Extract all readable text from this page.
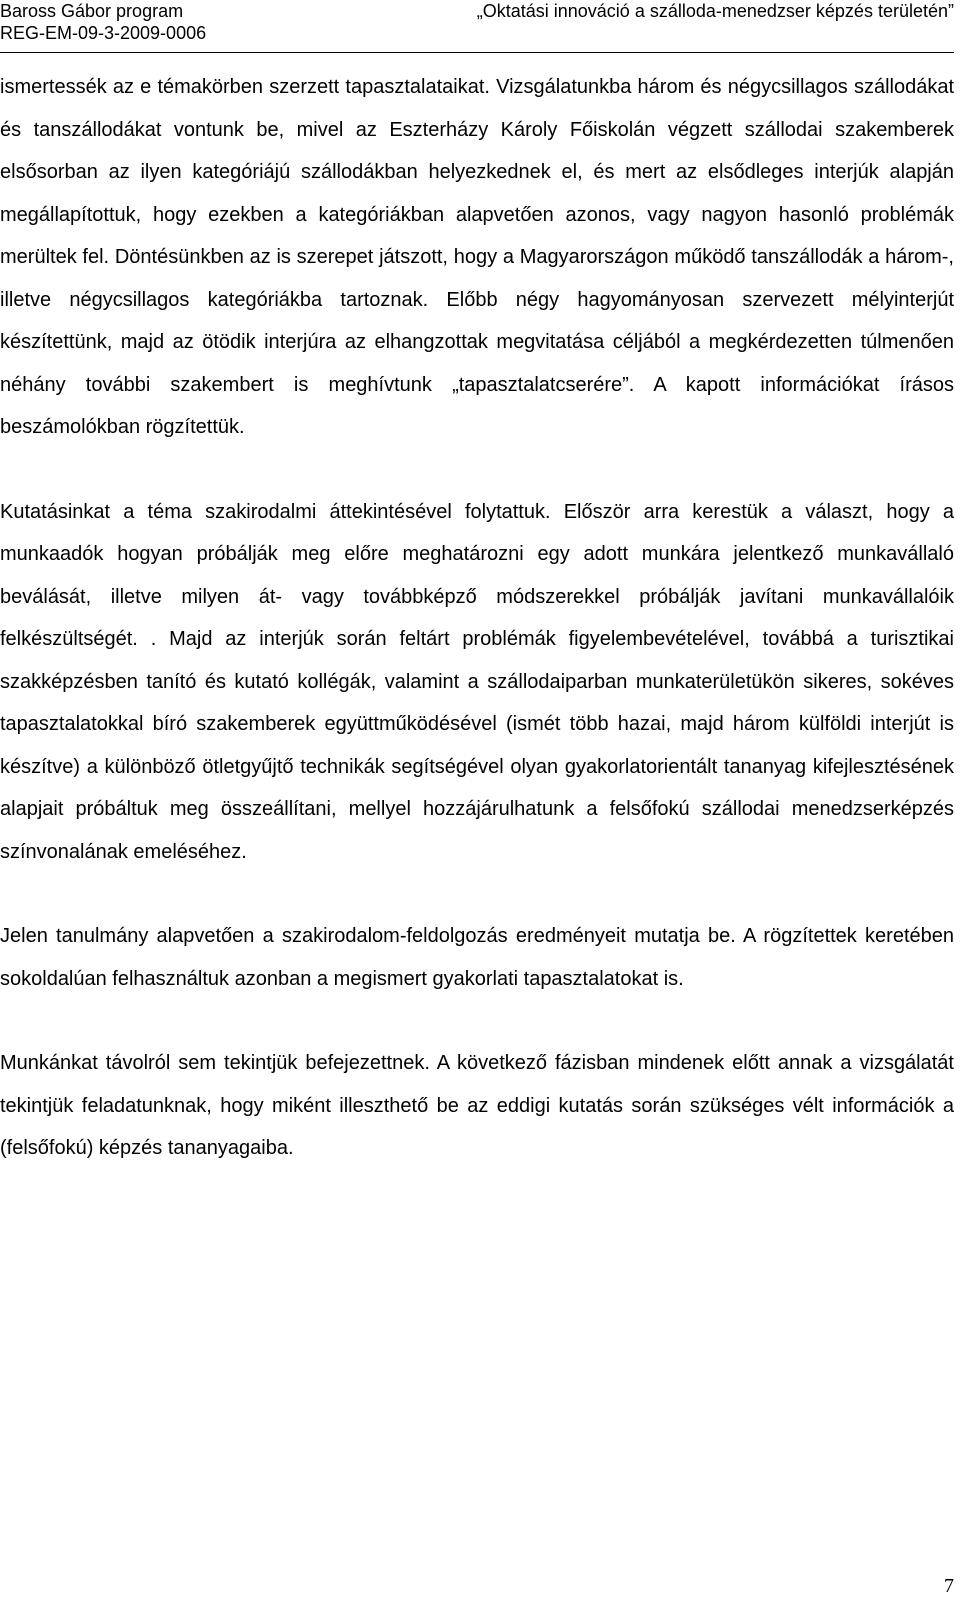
Baross Gábor program	„Oktatási innováció a szálloda-menedzser képzés területén”
REG-EM-09-3-2009-0006

ismertessék az e témakörben szerzett tapasztalataikat. Vizsgálatunkba három és négycsillagos szállodákat és tanszállodákat vontunk be, mivel az Eszterházy Károly Főiskolán végzett szállodai szakemberek elsősorban az ilyen kategóriájú szállodákban helyezkednek el, és mert az elsődleges interjúk alapján megállapítottuk, hogy ezekben a kategóriákban alapvetően azonos, vagy nagyon hasonló problémák merültek fel. Döntésünkben az is szerepet játszott, hogy a Magyarországon működő tanszállodák a három-, illetve négycsillagos kategóriákba tartoznak. Előbb négy hagyományosan szervezett mélyinterjút készítettünk, majd az ötödik interjúra az elhangzottak megvitatása céljából a megkérdezetten túlmenően néhány további szakembert is meghívtunk „tapasztalatcserére”. A kapott információkat írásos beszámolókban rögzítettük.

Kutatásinkat a téma szakirodalmi áttekintésével folytattuk. Először arra kerestük a választ, hogy a munkaadók hogyan próbálják meg előre meghatározni egy adott munkára jelentkező munkavállaló beválását, illetve milyen át- vagy továbbképző módszerekkel próbálják javítani munkavállalóik felkészültségét. . Majd az interjúk során feltárt problémák figyelembevételével, továbbá a turisztikai szakképzésben tanító és kutató kollégák, valamint a szállodaiparban munkaterületükön sikeres, sokéves tapasztalatokkal bíró szakemberek együttműködésével (ismét több hazai, majd három külföldi interjút is készítve) a különböző ötletgyűjtő technikák segítségével olyan gyakorlatorientált tananyag kifejlesztésének alapjait próbáltuk meg összeállítani, mellyel hozzájárulhatunk a felsőfokú szállodai menedzserképzés színvonalának emeléséhez.

Jelen tanulmány alapvetően a szakirodalom-feldolgozás eredményeit mutatja be. A rögzítettek keretében sokoldalúan felhasználtuk azonban a megismert gyakorlati tapasztalatokat is.

Munkánkat távolról sem tekintjük befejezettnek. A következő fázisban mindenek előtt annak a vizsgálatát tekintjük feladatunknak, hogy miként illeszthető be az eddigi kutatás során szükséges vélt információk a (felsőfokú) képzés tananyagaiba.

7
